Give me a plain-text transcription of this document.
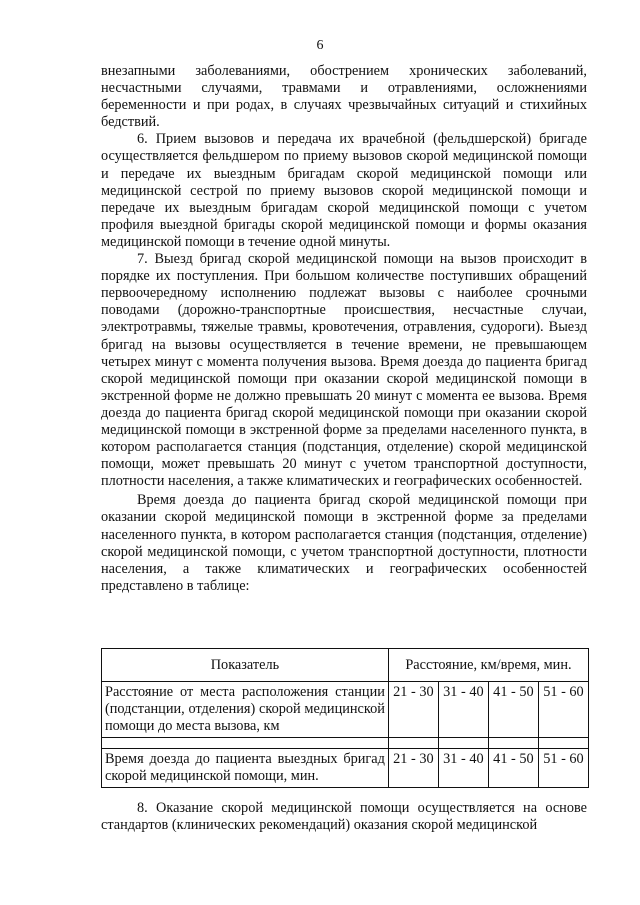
6

внезапными заболеваниями, обострением хронических заболеваний, несчастными случаями, травмами и отравлениями, осложнениями беременности и при родах, в случаях чрезвычайных ситуаций и стихийных бедствий.

6. Прием вызовов и передача их врачебной (фельдшерской) бригаде осуществляется фельдшером по приему вызовов скорой медицинской помощи и передаче их выездным бригадам скорой медицинской помощи или медицинской сестрой по приему вызовов скорой медицинской помощи и передаче их выездным бригадам скорой медицинской помощи с учетом профиля выездной бригады скорой медицинской помощи и формы оказания медицинской помощи в течение одной минуты.

7. Выезд бригад скорой медицинской помощи на вызов происходит в порядке их поступления. При большом количестве поступивших обращений первоочередному исполнению подлежат вызовы с наиболее срочными поводами (дорожно-транспортные происшествия, несчастные случаи, электротравмы, тяжелые травмы, кровотечения, отравления, судороги). Выезд бригад на вызовы осуществляется в течение времени, не превышающем четырех минут с момента получения вызова. Время доезда до пациента бригад скорой медицинской помощи при оказании скорой медицинской помощи в экстренной форме не должно превышать 20 минут с момента ее вызова. Время доезда до пациента бригад скорой медицинской помощи при оказании скорой медицинской помощи в экстренной форме за пределами населенного пункта, в котором располагается станция (подстанция, отделение) скорой медицинской помощи, может превышать 20 минут с учетом транспортной доступности, плотности населения, а также климатических и географических особенностей.

Время доезда до пациента бригад скорой медицинской помощи при оказании скорой медицинской помощи в экстренной форме за пределами населенного пункта, в котором располагается станция (подстанция, отделение) скорой медицинской помощи, с учетом транспортной доступности, плотности населения, а также климатических и географических особенностей представлено в таблице:

Показатель	Расстояние, км/время, мин.			
Расстояние от места расположения станции (подстанции, отделения) скорой медицинской помощи до места вызова, км	21 - 30	31 - 40	41 - 50	51 - 60

Время доезда до пациента выездных бригад скорой медицинской помощи, мин.	21 - 30	31 - 40	41 - 50	51 - 60

8. Оказание скорой медицинской помощи осуществляется на основе стандартов (клинических рекомендаций) оказания скорой медицинской
